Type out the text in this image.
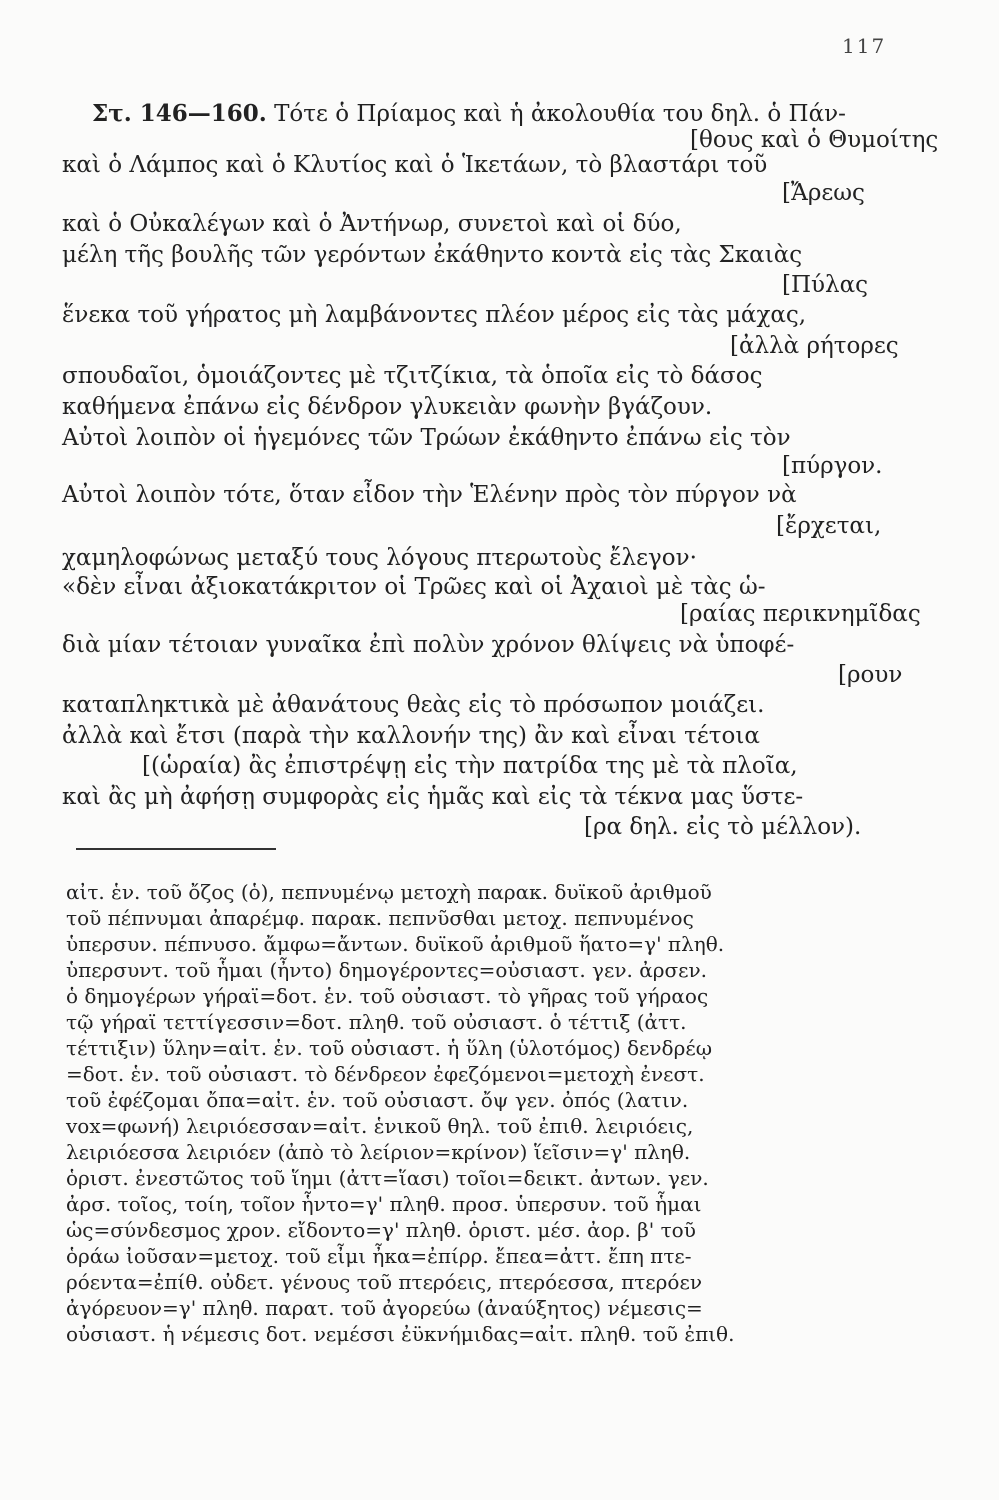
117
Στ. 146—160. Τότε ὁ Πρίαμος καὶ ἡ ἀκολουθία του δηλ. ὁ Πάν-
[θους καὶ ὁ Θυμοίτης
καὶ ὁ Λάμπος καὶ ὁ Κλυτίος καὶ ὁ Ἱκετάων, τὸ βλαστάρι τοῦ
[Ἄρεως
καὶ ὁ Οὐκαλέγων καὶ ὁ Ἀντήνωρ, συνετοὶ καὶ οἱ δύο,
μέλη τῆς βουλῆς τῶν γερόντων ἐκάθηντο κοντὰ εἰς τὰς Σκαιὰς
[Πύλας
ἕνεκα τοῦ γήρατος μὴ λαμβάνοντες πλέον μέρος εἰς τὰς μάχας,
[ἀλλὰ ρήτορες
σπουδαῖοι, ὁμοιάζοντες μὲ τζιτζίκια, τὰ ὁποῖα εἰς τὸ δάσος
καθήμενα ἐπάνω εἰς δένδρον γλυκειὰν φωνὴν βγάζουν.
Αὐτοὶ λοιπὸν οἱ ἡγεμόνες τῶν Τρώων ἐκάθηντο ἐπάνω εἰς τὸν
[πύργον.
Αὐτοὶ λοιπὸν τότε, ὅταν εἶδον τὴν Ἑλένην πρὸς τὸν πύργον νὰ
[ἔρχεται,
χαμηλοφώνως μεταξύ τους λόγους πτερωτοὺς ἔλεγον·
«δὲν εἶναι ἀξιοκατάκριτον οἱ Τρῶες καὶ οἱ Ἀχαιοὶ μὲ τὰς ὡ-
[ραίας περικνημῖδας
διὰ μίαν τέτοιαν γυναῖκα ἐπὶ πολὺν χρόνον θλίψεις νὰ ὑποφέ-
[ρουν
καταπληκτικὰ μὲ ἀθανάτους θεὰς εἰς τὸ πρόσωπον μοιάζει.
ἀλλὰ καὶ ἔτσι (παρὰ τὴν καλλονήν της) ἂν καὶ εἶναι τέτοια
[(ὡραία) ἂς ἐπιστρέψῃ εἰς τὴν πατρίδα της μὲ τὰ πλοῖα,
καὶ ἂς μὴ ἀφήσῃ συμφορὰς εἰς ἡμᾶς καὶ εἰς τὰ τέκνα μας ὕστε-
[ρα δηλ. εἰς τὸ μέλλον).
αἰτ. ἑν. τοῦ ὄζος (ὁ), πεπνυμένῳ μετοχὴ παρακ. δυϊκοῦ ἀριθμοῦ
τοῦ πέπνυμαι ἀπαρέμφ. παρακ. πεπνῦσθαι μετοχ. πεπνυμένος
ὑπερσυν. πέπνυσο. ἄμφω=ἄντων. δυϊκοῦ ἀριθμοῦ ἥατο=γ' πληθ.
ὑπερσυντ. τοῦ ἧμαι (ἦντο) δημογέροντες=οὐσιαστ. γεν. ἀρσεν.
ὁ δημογέρων γήραϊ=δοτ. ἑν. τοῦ οὐσιαστ. τὸ γῆρας τοῦ γήραος
τῷ γήραϊ τεττίγεσσιν=δοτ. πληθ. τοῦ οὐσιαστ. ὁ τέττιξ (ἀττ.
τέττιξιν) ὕλην=αἰτ. ἑν. τοῦ οὐσιαστ. ἡ ὕλη (ὑλοτόμος) δενδρέῳ
=δοτ. ἑν. τοῦ οὐσιαστ. τὸ δένδρεον ἐφεζόμενοι=μετοχὴ ἐνεστ.
τοῦ ἐφέζομαι ὄπα=αἰτ. ἑν. τοῦ οὐσιαστ. ὄψ γεν. ὀπός (λατιν.
vox=φωνή) λειριόεσσαν=αἰτ. ἑνικοῦ θηλ. τοῦ ἐπιθ. λειριόεις,
λειριόεσσα λειριόεν (ἀπὸ τὸ λείριον=κρίνον) ἵεῖσιν=γ' πληθ.
ὁριστ. ἐνεστῶτος τοῦ ἵημι (ἀττ=ἵασι) τοῖοι=δεικτ. ἀντων. γεν.
ἀρσ. τοῖος, τοίη, τοῖον ἧντο=γ' πληθ. προσ. ὑπερσυν. τοῦ ἧμαι
ὡς=σύνδεσμος χρον. εἴδοντο=γ' πληθ. ὁριστ. μέσ. ἀορ. β' τοῦ
ὁράω ἰοῦσαν=μετοχ. τοῦ εἶμι ἦκα=ἐπίρρ. ἔπεα=ἀττ. ἔπη πτε-
ρόεντα=ἐπίθ. οὐδετ. γένους τοῦ πτερόεις, πτερόεσσα, πτερόεν
ἀγόρευον=γ' πληθ. παρατ. τοῦ ἀγορεύω (ἀναύξητος) νέμεσις=
οὐσιαστ. ἡ νέμεσις δοτ. νεμέσσι ἐϋκνήμιδας=αἰτ. πληθ. τοῦ ἐπιθ.
